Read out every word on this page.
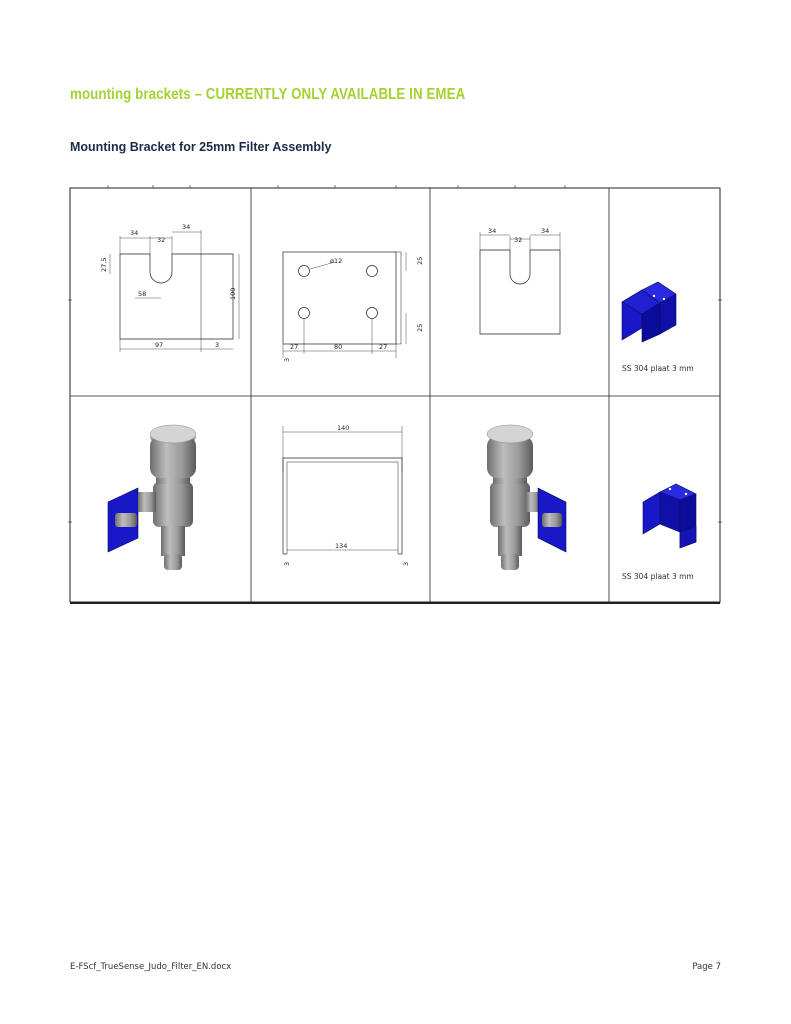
mounting brackets – CURRENTLY ONLY AVAILABLE IN EMEA
Mounting Bracket for 25mm Filter Assembly
34
32
34
27,5
58	100
97	3
ø12	25
25
27	80	27
3
34
32
34
SS 304 plaat 3 mm
140
134
3	3
SS 304 plaat 3 mm
E-FScf_TrueSense_Judo_Filter_EN.docx	Page 7
